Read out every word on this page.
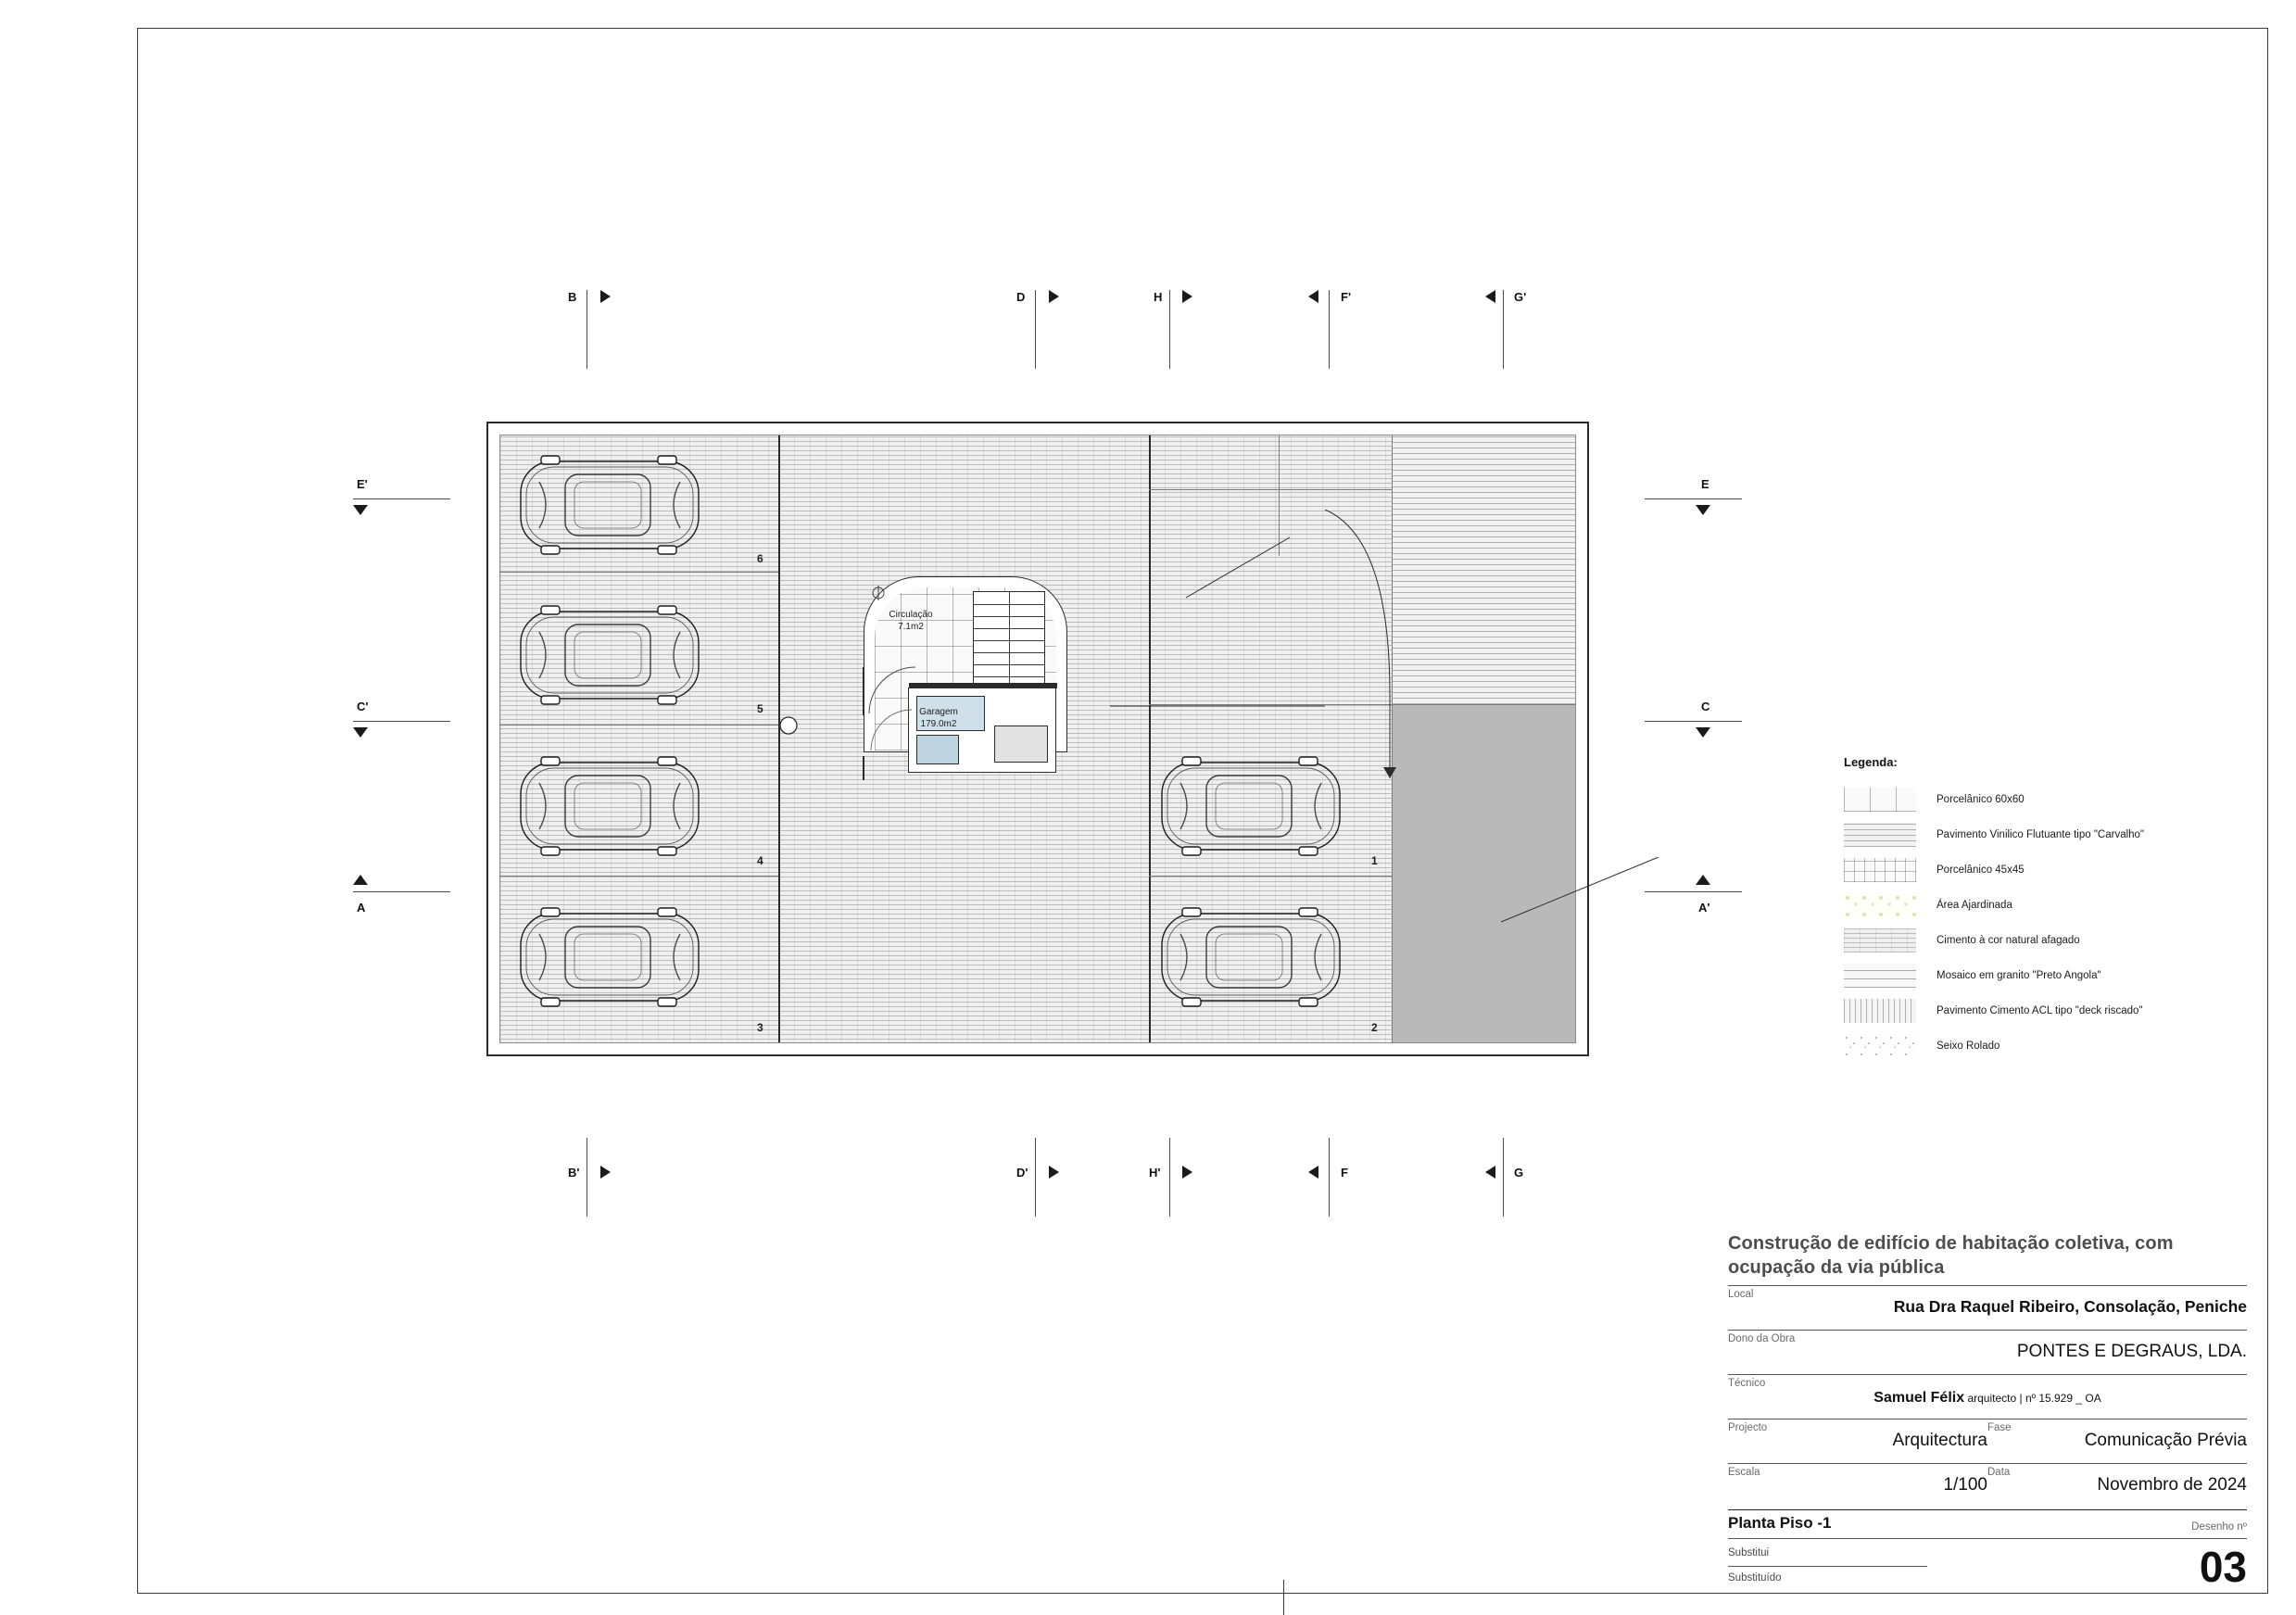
B	D	H	F'	G'
B'	D'	H'	F	G
E'
C'
A
E
C
A'
6
5
4
3
1
2
Circulação
7.1m2
Garagem
179.0m2
Legenda:
Porcelânico 60x60
Pavimento Vinilico Flutuante tipo "Carvalho"
Porcelânico 45x45
Área Ajardinada
Cimento à cor natural afagado
Mosaico em granito "Preto Angola"
Pavimento Cimento ACL tipo "deck riscado"
Seixo Rolado
Construção de edifício de habitação coletiva, com ocupação da via pública
Local
Rua Dra Raquel Ribeiro, Consolação, Peniche
Dono da Obra
PONTES E DEGRAUS, LDA.
Técnico
Samuel Félix arquitecto | nº 15.929 _ OA
Projecto
Arquitectura
Fase
Comunicação Prévia
Escala
1/100
Data
Novembro de 2024
Planta Piso -1
Substitui
Substituído
Desenho nº
03
